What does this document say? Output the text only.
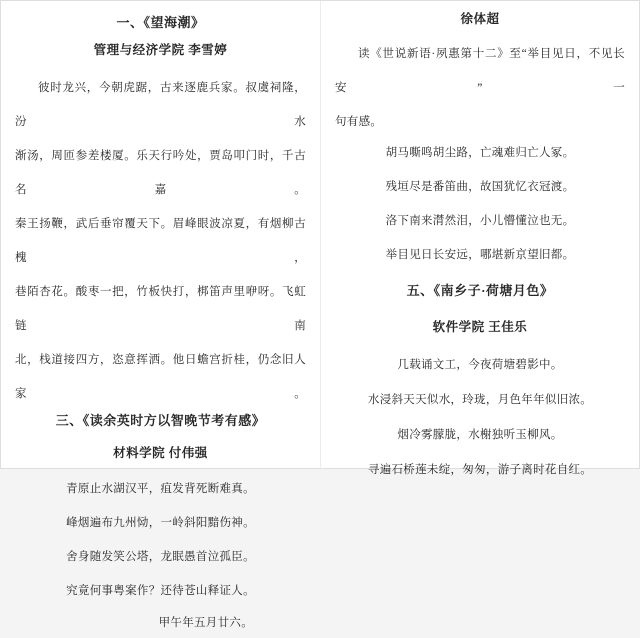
一、《望海潮》
管理与经济学院 李雪婷
彼时龙兴，今朝虎踞，古来逐鹿兵家。叔虞祠隆，汾水
渐汤，周匝参差楼厦。乐天行吟处，贾岛叩门时，千古名嘉。
秦王扬鞭，武后垂帘覆天下。眉峰眼波凉夏，有烟柳古槐，
巷陌杏花。酸枣一把，竹板快打，梆笛声里咿呀。飞虹链南
北，栈道接四方，恣意挥洒。他日蟾宫折桂，仍念旧人家。
三、《读余英时方以智晚节考有感》
材料学院 付伟强
青原止水湖汉平，疽发背死断难真。
峰烟遍布九州恸，一岭斜阳黯伤神。
舍身随发笑公塔，龙眠愚首泣孤臣。
究竟何事粤案作？还待苍山释证人。
甲午年五月廿六。
徐体超
读《世说新语·夙惠第十二》至“举目见日，不见长安”一
句有感。
胡马嘶鸣胡尘路，亡魂难归亡人冢。
残垣尽是番笛曲，故国犹忆衣冠渡。
洛下南来潸然泪，小儿懵懂泣也无。
举目见日长安远，哪堪新京望旧都。
五、《南乡子·荷塘月色》
软件学院 王佳乐
几载诵文工，今夜荷塘碧影中。
水浸斜天天似水，玲珑，月色年年似旧浓。
烟冷雾朦胧，水榭独听玉柳风。
寻遍石桥莲未绽，匆匆，游子离时花自红。
